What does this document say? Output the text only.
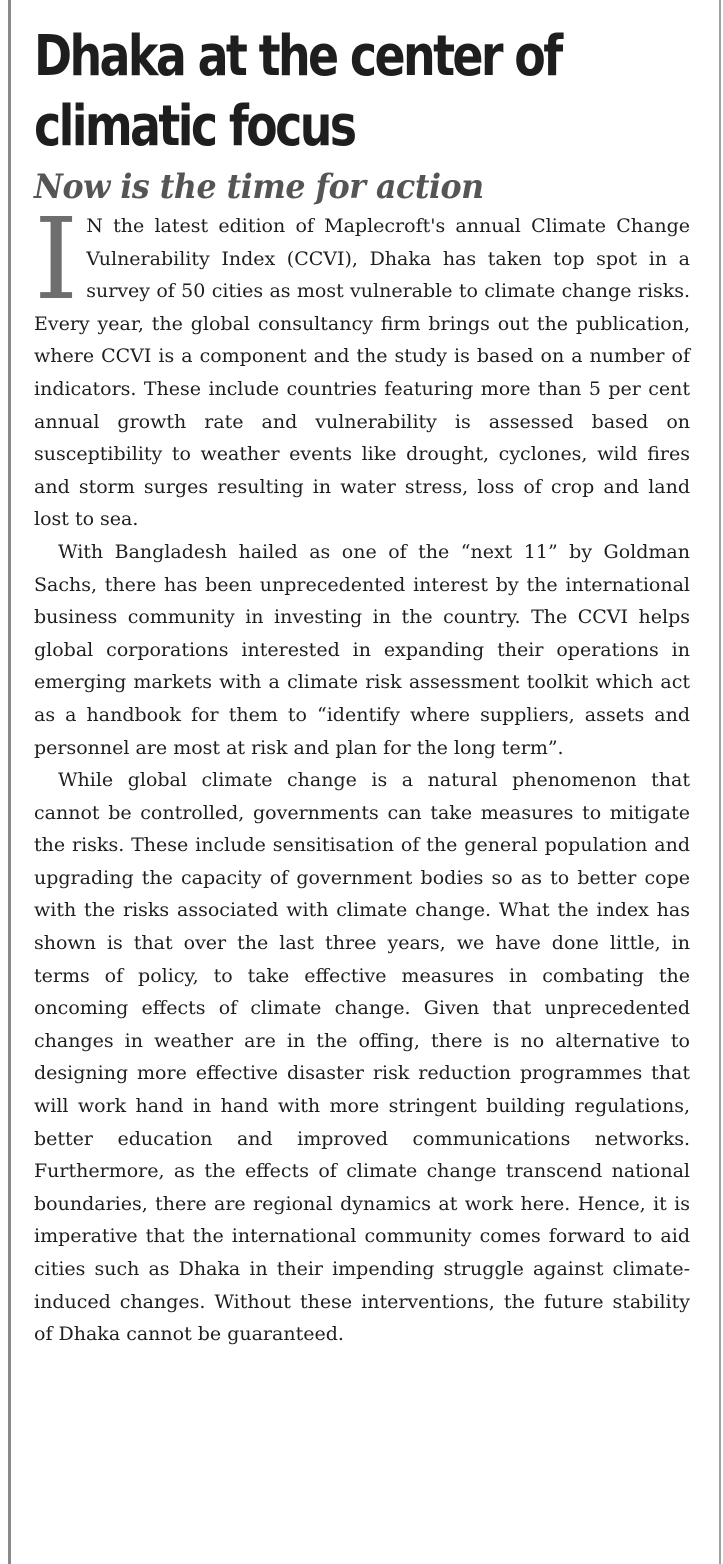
Dhaka at the center of climatic focus
Now is the time for action

I N the latest edition of Maplecroft's annual Climate Change Vulnerability Index (CCVI), Dhaka has taken top spot in a survey of 50 cities as most vulnerable to climate change risks. Every year, the global consultancy firm brings out the publication, where CCVI is a component and the study is based on a number of indicators. These include countries featuring more than 5 per cent annual growth rate and vulnerability is assessed based on susceptibility to weather events like drought, cyclones, wild fires and storm surges resulting in water stress, loss of crop and land lost to sea.

With Bangladesh hailed as one of the “next 11” by Goldman Sachs, there has been unprecedented interest by the international business community in investing in the country. The CCVI helps global corporations interested in expanding their operations in emerging markets with a climate risk assessment toolkit which act as a handbook for them to “identify where suppliers, assets and personnel are most at risk and plan for the long term”.

While global climate change is a natural phenomenon that cannot be controlled, governments can take measures to mitigate the risks. These include sensitisation of the general population and upgrading the capacity of government bodies so as to better cope with the risks associated with climate change. What the index has shown is that over the last three years, we have done little, in terms of policy, to take effective measures in combating the oncoming effects of climate change. Given that unprecedented changes in weather are in the offing, there is no alternative to designing more effective disaster risk reduction programmes that will work hand in hand with more stringent building regulations, better education and improved communications networks. Furthermore, as the effects of climate change transcend national boundaries, there are regional dynamics at work here. Hence, it is imperative that the international community comes forward to aid cities such as Dhaka in their impending struggle against climate-induced changes. Without these interventions, the future stability of Dhaka cannot be guaranteed.
